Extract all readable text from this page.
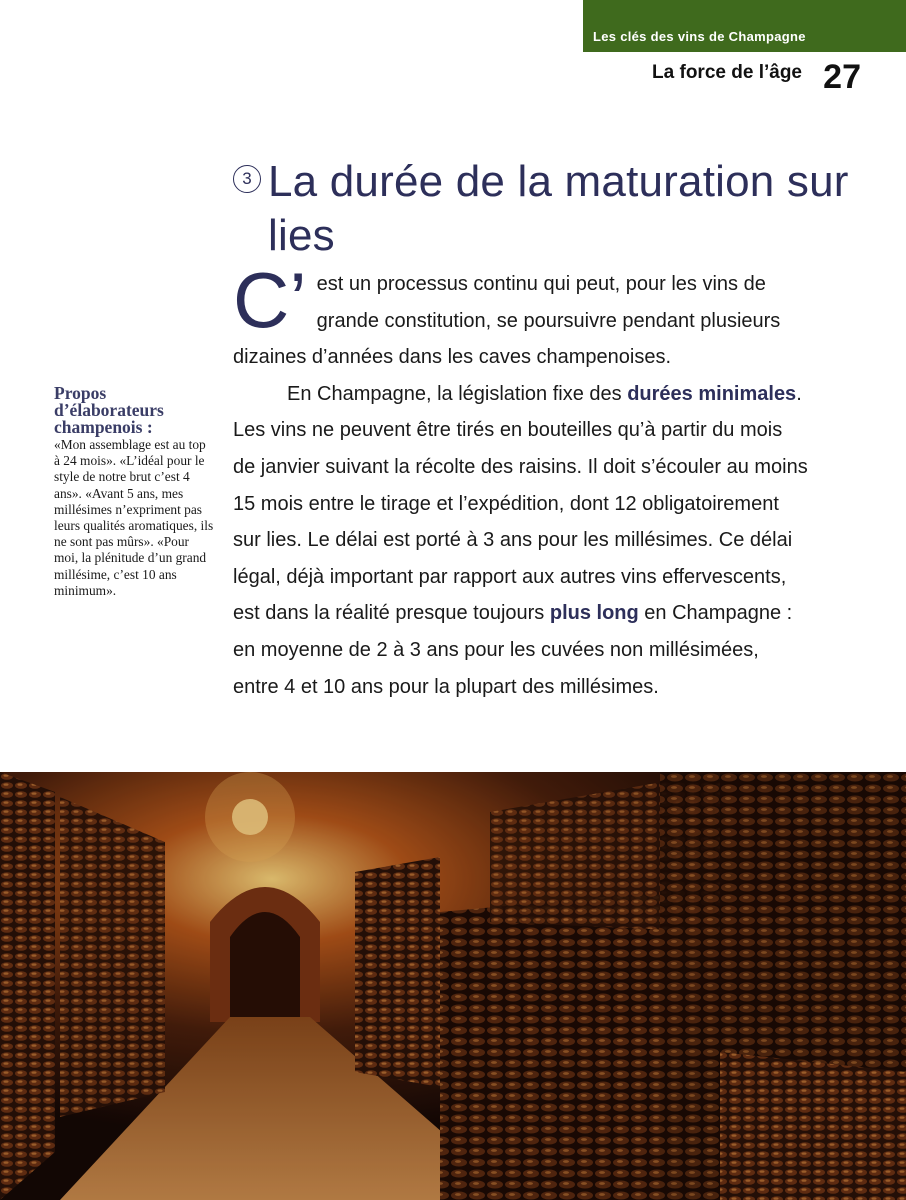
Les clés des vins de Champagne
La force de l’âge 27
3 La durée de la maturation sur lies

C’ est un processus continu qui peut, pour les vins de grande constitution, se poursuivre pendant plusieurs dizaines d’années dans les caves champenoises.

En Champagne, la législation fixe des durées minimales. Les vins ne peuvent être tirés en bouteilles qu’à partir du mois de janvier suivant la récolte des raisins. Il doit s’écouler au moins 15 mois entre le tirage et l’expédition, dont 12 obligatoirement sur lies. Le délai est porté à 3 ans pour les millésimes. Ce délai légal, déjà important par rapport aux autres vins effervescents, est dans la réalité presque toujours plus long en Champagne : en moyenne de 2 à 3 ans pour les cuvées non millésimées, entre 4 et 10 ans pour la plupart des millésimes.

Propos d’élaborateurs champenois :
«Mon assemblage est au top à 24 mois». «L’idéal pour le style de notre brut c’est 4 ans». «Avant 5 ans, mes millésimes n’expriment pas leurs qualités aromatiques, ils ne sont pas mûrs». «Pour moi, la plénitude d’un grand millésime, c’est 10 ans minimum».
